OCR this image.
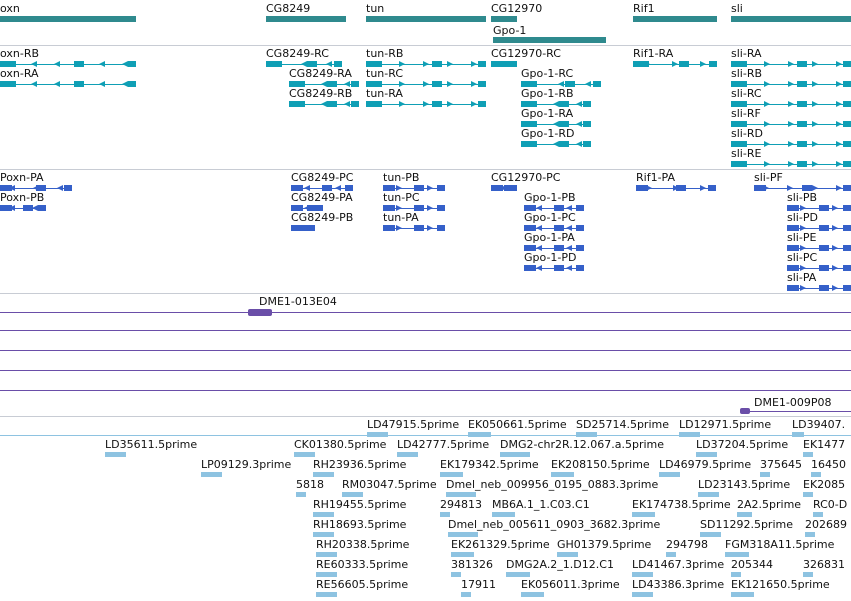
oxn	CG8249	tun	CG12970
Gpo-1
Rif1	sli
oxn-RB
oxn-RA
CG8249-RC
CG8249-RA
CG8249-RB
tun-RB
tun-RC
tun-RA
CG12970-RC
Gpo-1-RC
Gpo-1-RB
Gpo-1-RA
Gpo-1-RD
Rif1-RA	sli-RA
sli-RB
sli-RC
sli-RF
sli-RD
sli-RE
Poxn-PA
Poxn-PB
CG8249-PC
CG8249-PA
CG8249-PB
tun-PB
tun-PC
tun-PA
CG12970-PC
Gpo-1-PB
Gpo-1-PC
Gpo-1-PA
Gpo-1-PD
Rif1-PA	sli-PF
sli-PB
sli-PD
sli-PE
sli-PC
sli-PA
DME1-013E04
DME1-009P08
LD47915.5prime EK050661.5prime SD25714.5prime LD12971.5prime LD39407.
LD35611.5prime	CK01380.5prime LD42777.5prime DMG2-chr2R.12.067.a.5prime	LD37204.5prime EK1477
LP09129.3prime RH23936.5prime	EK179342.5prime EK208150.5prime LD46979.5prime 375645 16450
5818 RM03047.5prime Dmel_neb_009956_0195_0883.3prime	LD23143.5prime EK2085
RH19455.5prime	294813 MB6A.1_1.C03.C1	EK174738.5prime 2A2.5prime RC0-D
RH18693.5prime	Dmel_neb_005611_0903_3682.3prime	SD11292.5prime 202689
RH20338.5prime	EK261329.5prime GH01379.5prime 294798 FGM318A11.5prime
RE60333.5prime	381326 DMG2A.2_1.D12.C1 LD41467.3prime 205344	326831
RE56605.5prime	17911 EK056011.3prime LD43386.3prime EK121650.5prime
